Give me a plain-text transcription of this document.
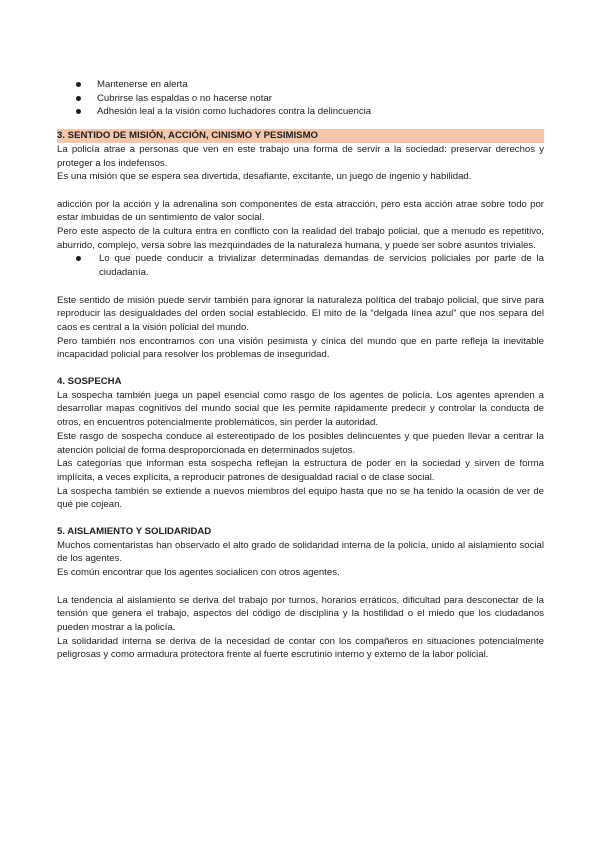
Mantenerse en alerta
Cubrirse las espaldas o no hacerse notar
Adhesión leal a la visión como luchadores contra la delincuencia
3. SENTIDO DE MISIÓN, ACCIÓN, CINISMO Y PESIMISMO

La policía atrae a personas que ven en este trabajo una forma de servir a la sociedad: preservar derechos y proteger a los indefensos.

Es una misión que se espera sea divertida, desafiante, excitante, un juego de ingenio y habilidad.

adicción por la acción y la adrenalina son componentes de esta atracción, pero esta acción atrae sobre todo por estar imbuidas de un sentimiento de valor social.

Pero este aspecto de la cultura entra en conflicto con la realidad del trabajo policial, que a menudo es repetitivo, aburrido, complejo, versa sobre las mezquindades de la naturaleza humana, y puede ser sobre asuntos triviales.

Lo que puede conducir a trivializar determinadas demandas de servicios policiales por parte de la ciudadanía.

Este sentido de misión puede servir también para ignorar la naturaleza política del trabajo policial, que sirve para reproducir las desigualdades del orden social establecido. El mito de la “delgada línea azul” que nos separa del caos es central a la visión policial del mundo.

Pero también nos encontramos con una visión pesimista y cínica del mundo que en parte refleja la inevitable incapacidad policial para resolver los problemas de inseguridad.

4. SOSPECHA

La sospecha también juega un papel esencial como rasgo de los agentes de policía. Los agentes aprenden a desarrollar mapas cognitivos del mundo social que les permite rápidamente predecir y controlar la conducta de otros, en encuentros potencialmente problemáticos, sin perder la autoridad.

Este rasgo de sospecha conduce al estereotipado de los posibles delincuentes y que pueden llevar a centrar la atención policial de forma desproporcionada en determinados sujetos.

Las categorías que informan esta sospecha reflejan la estructura de poder en la sociedad y sirven de forma implícita, a veces explícita, a reproducir patrones de desigualdad racial o de clase social.

La sospecha también se extiende a nuevos miembros del equipo hasta que no se ha tenido la ocasión de ver de qué pie cojean.

5. AISLAMIENTO Y SOLIDARIDAD

Muchos comentaristas han observado el alto grado de solidaridad interna de la policía, unido al aislamiento social de los agentes.

Es común encontrar que los agentes socialicen con otros agentes.

La tendencia al aislamiento se deriva del trabajo por turnos, horarios erráticos, dificultad para desconectar de la tensión que genera el trabajo, aspectos del código de disciplina y la hostilidad o el miedo que los ciudadanos pueden mostrar a la policía.

La solidaridad interna se deriva de la necesidad de contar con los compañeros en situaciones potencialmente peligrosas y como armadura protectora frente al fuerte escrutinio interno y externo de la labor policial.
